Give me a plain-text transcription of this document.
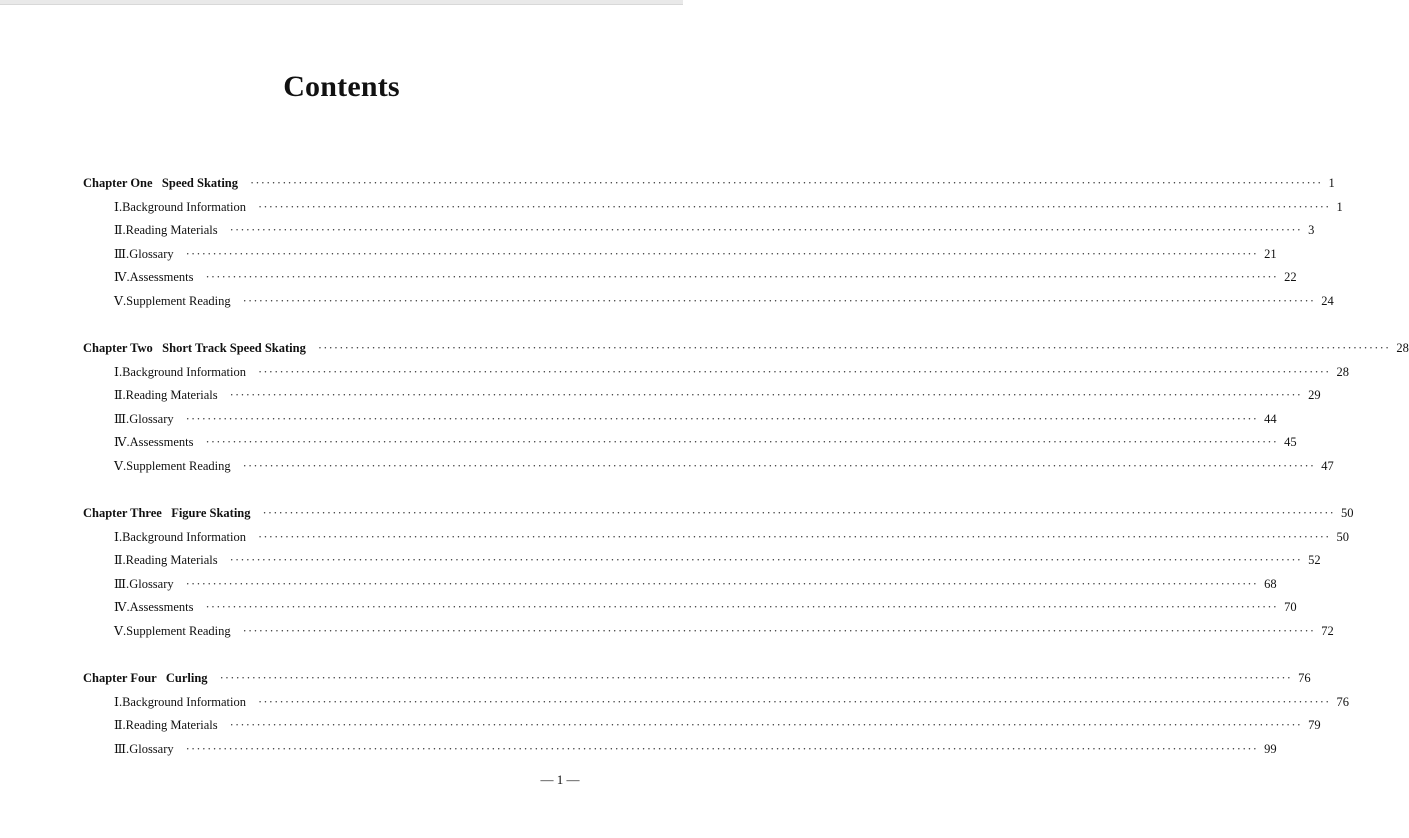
Contents
Chapter One   Speed Skating ········································································································································································································ 1
Ⅰ. Background Information ········································································································································································································ 1
Ⅱ. Reading Materials ········································································································································································································ 3
Ⅲ. Glossary ········································································································································································································ 21
Ⅳ. Assessments ········································································································································································································ 22
Ⅴ. Supplement Reading ········································································································································································································ 24
Chapter Two   Short Track Speed Skating ········································································································································································································ 28
Ⅰ. Background Information ········································································································································································································ 28
Ⅱ. Reading Materials ········································································································································································································ 29
Ⅲ. Glossary ········································································································································································································ 44
Ⅳ. Assessments ········································································································································································································ 45
Ⅴ. Supplement Reading ········································································································································································································ 47
Chapter Three   Figure Skating ········································································································································································································ 50
Ⅰ. Background Information ········································································································································································································ 50
Ⅱ. Reading Materials ········································································································································································································ 52
Ⅲ. Glossary ········································································································································································································ 68
Ⅳ. Assessments ········································································································································································································ 70
Ⅴ. Supplement Reading ········································································································································································································ 72
Chapter Four   Curling ········································································································································································································ 76
Ⅰ. Background Information ········································································································································································································ 76
Ⅱ. Reading Materials ········································································································································································································ 79
Ⅲ. Glossary ········································································································································································································ 99
— 1 —
